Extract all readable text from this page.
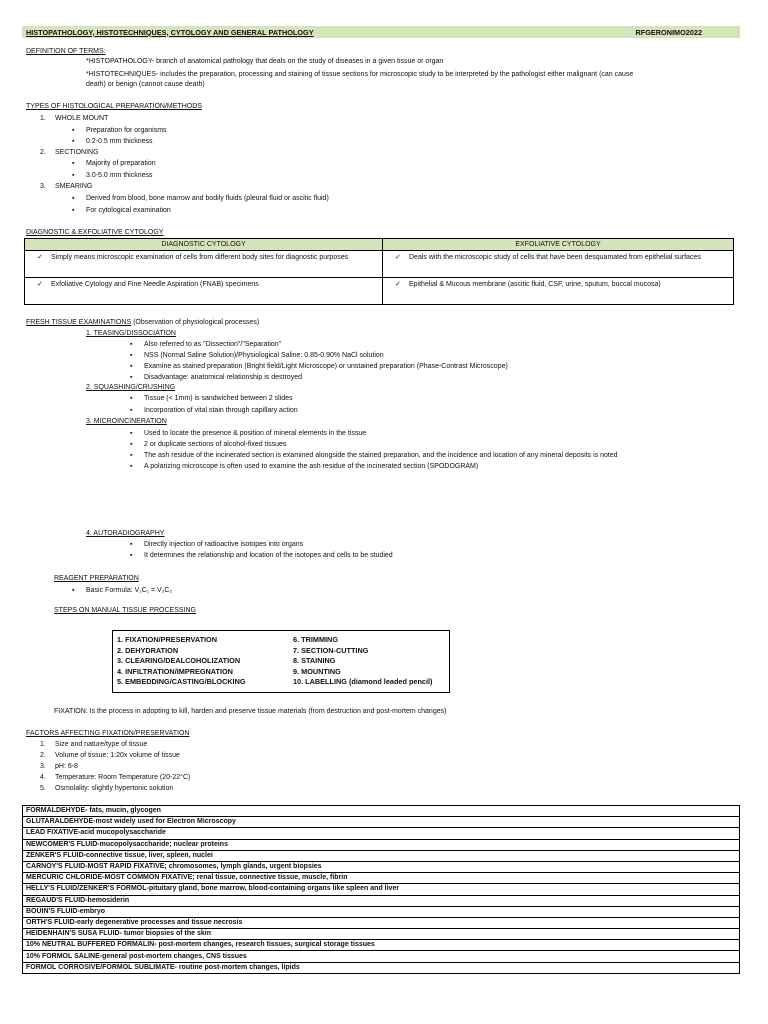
HISTOPATHOLOGY, HISTOTECHNIQUES, CYTOLOGY AND GENERAL PATHOLOGY	RFGERONIMO2022
DEFINITION OF TERMS:
*HISTOPATHOLOGY- branch of anatomical pathology that deals on the study of diseases in a given tissue or organ
*HISTOTECHNIQUES- includes the preparation, processing and staining of tissue sections for microscopic study to be interpreted by the pathologist either malignant (can cause
death) or benign (cannot cause death)
TYPES OF HISTOLOGICAL PREPARATION/METHODS
1. WHOLE MOUNT
▪ Preparation for organisms
▪ 0.2-0.5 mm thickness
2. SECTIONING
▪ Majority of preparation
▪ 3.0-5.0 mm thickness
3. SMEARING
▪ Derived from blood, bone marrow and bodily fluids (pleural fluid or ascitic fluid)
▪ For cytological examination
DIAGNOSTIC & EXFOLIATIVE CYTOLOGY
DIAGNOSTIC CYTOLOGY	EXFOLIATIVE CYTOLOGY

✓ Simply means microscopic examination of cells from different body sites for diagnostic purposes	✓ Deals with the microscopic study of cells that have been desquamated from epithelial surfaces

✓ Exfoliative Cytology and Fine Needle Aspiration (FNAB) specimens	✓ Epithelial & Mucous membrane (ascitic fluid, CSF, urine, sputum, buccal mucosa)
FRESH TISSUE EXAMINATIONS (Observation of physiological processes)
1. TEASING/DISSOCIATION
▪ Also referred to as "Dissection"/"Separation"
▪ NSS (Normal Saline Solution)/Physiological Saline: 0.85-0.90% NaCl solution
▪ Examine as stained preparation (Bright field/Light Microscope) or unstained preparation (Phase-Contrast Microscope)
▪ Disadvantage: anatomical relationship is destroyed
2. SQUASHING/CRUSHING
▪ Tissue (< 1mm) is sandwiched between 2 slides
▪ Incorporation of vital stain through capillary action
3. MICROINCINERATION
▪ Used to locate the presence & position of mineral elements in the tissue
▪ 2 or duplicate sections of alcohol-fixed tissues
▪ The ash residue of the incinerated section is examined alongside the stained preparation, and the incidence and location of any mineral deposits is noted
▪ A polarizing microscope is often used to examine the ash residue of the incinerated section (SPODOGRAM)
4. AUTORADIOGRAPHY
▪ Directly injection of radioactive isotopes into organs
▪ It determines the relationship and location of the isotopes and cells to be studied
REAGENT PREPARATION
▪ Basic Formula: V₁C₁ = V₂C₂
STEPS ON MANUAL TISSUE PROCESSING
1. FIXATION/PRESERVATION
2. DEHYDRATION
3. CLEARING/DEALCOHOLIZATION
4. INFILTRATION/IMPREGNATION
5. EMBEDDING/CASTING/BLOCKING
6. TRIMMING
7. SECTION-CUTTING
8. STAINING
9. MOUNTING
10. LABELLING (diamond leaded pencil)
FIXATION: Is the process in adopting to kill, harden and preserve tissue materials (from destruction and post-mortem changes)
FACTORS AFFECTING FIXATION/PRESERVATION
1. Size and nature/type of tissue
2. Volume of tissue: 1:20x volume of tissue
3. pH: 6-8
4. Temperature: Room Temperature (20-22°C)
5. Osmolality: slightly hypertonic solution
FORMALDEHYDE- fats, mucin, glycogen
GLUTARALDEHYDE-most widely used for Electron Microscopy
LEAD FIXATIVE-acid mucopolysaccharide
NEWCOMER'S FLUID-mucopolysaccharide; nuclear proteins
ZENKER'S FLUID-connective tissue, liver, spleen, nuclei
CARNOY'S FLUID-MOST RAPID FIXATIVE; chromosomes, lymph glands, urgent biopsies
MERCURIC CHLORIDE-MOST COMMON FIXATIVE; renal tissue, connective tissue, muscle, fibrin
HELLY'S FLUID/ZENKER'S FORMOL-pituitary gland, bone marrow, blood-containing organs like spleen and liver
REGAUD'S FLUID-hemosiderin
BOUIN'S FLUID-embryo
ORTH'S FLUID-early degenerative processes and tissue necrosis
HEIDENHAIN'S SUSA FLUID- tumor biopsies of the skin
10% NEUTRAL BUFFERED FORMALIN- post-mortem changes, research tissues, surgical storage tissues
10% FORMOL SALINE-general post-mortem changes, CNS tissues
FORMOL CORROSIVE/FORMOL SUBLIMATE- routine post-mortem changes, lipids
